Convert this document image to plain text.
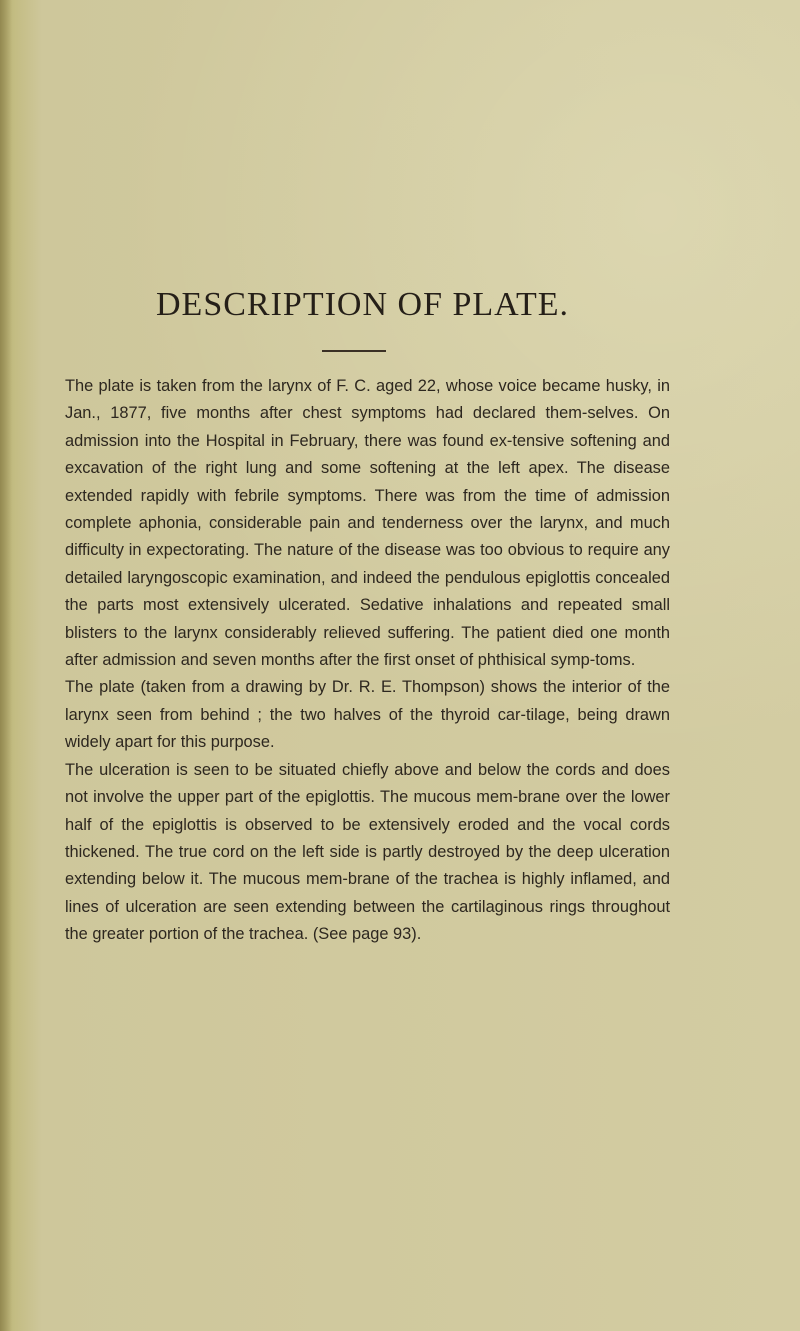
DESCRIPTION OF PLATE.

The plate is taken from the larynx of F. C. aged 22, whose voice became husky, in Jan., 1877, five months after chest symptoms had declared them-selves. On admission into the Hospital in February, there was found ex-tensive softening and excavation of the right lung and some softening at the left apex. The disease extended rapidly with febrile symptoms. There was from the time of admission complete aphonia, considerable pain and tenderness over the larynx, and much difficulty in expectorating. The nature of the disease was too obvious to require any detailed laryngoscopic examination, and indeed the pendulous epiglottis concealed the parts most extensively ulcerated. Sedative inhalations and repeated small blisters to the larynx considerably relieved suffering. The patient died one month after admission and seven months after the first onset of phthisical symp-toms.

The plate (taken from a drawing by Dr. R. E. Thompson) shows the interior of the larynx seen from behind ; the two halves of the thyroid car-tilage, being drawn widely apart for this purpose.

The ulceration is seen to be situated chiefly above and below the cords and does not involve the upper part of the epiglottis. The mucous mem-brane over the lower half of the epiglottis is observed to be extensively eroded and the vocal cords thickened. The true cord on the left side is partly destroyed by the deep ulceration extending below it. The mucous mem-brane of the trachea is highly inflamed, and lines of ulceration are seen extending between the cartilaginous rings throughout the greater portion of the trachea. (See page 93).
